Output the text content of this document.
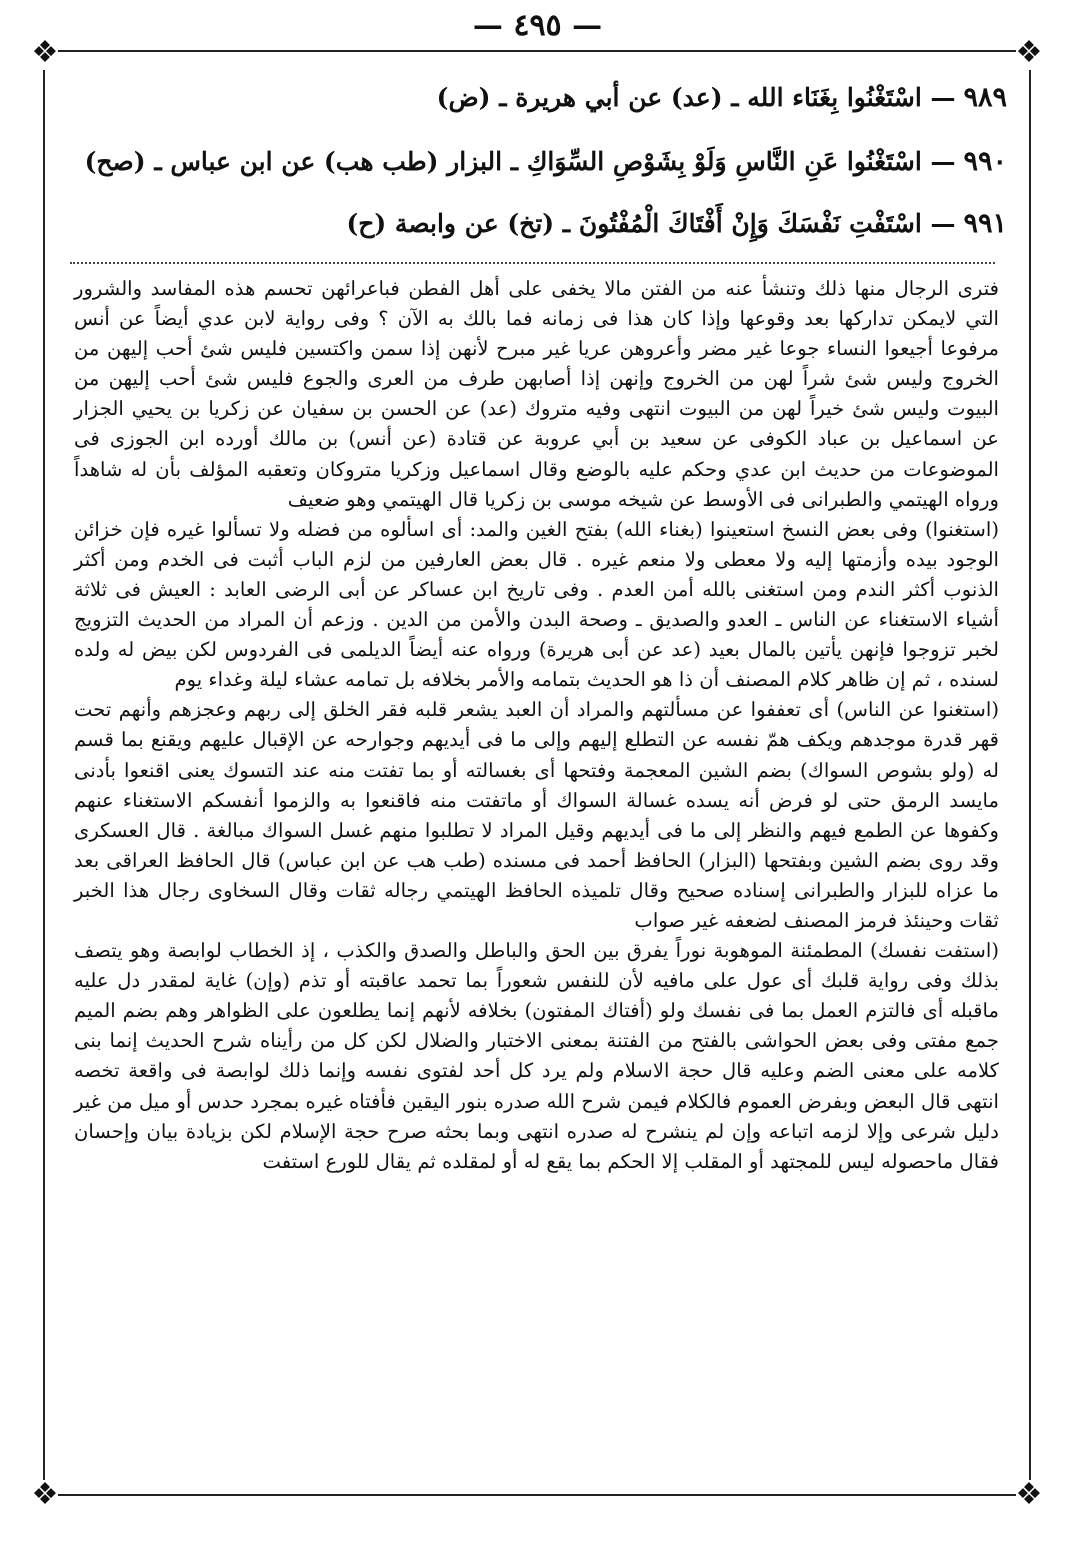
— ٤٩٥ —
❖	❖
❖	❖
٩٨٩— اسْتَغْنُوا بِغَنَاء الله ـ (عد) عن أبي هريرة ـ (ض)
٩٩٠— اسْتَغْنُوا عَنِ النَّاسِ وَلَوْ بِشَوْصِ السِّوَاكِ ـ البزار (طب هب) عن ابن عباس ـ (صح)
٩٩١— اسْتَفْتِ نَفْسَكَ وَإِنْ أَفْتَاكَ الْمُفْتُونَ ـ (تخ) عن وابصة (ح)

فترى الرجال منها ذلك وتنشأ عنه من الفتن مالا يخفى على أهل الفطن فباعرائهن تحسم هذه المفاسد والشرور التي لايمكن تداركها بعد وقوعها وإذا كان هذا فى زمانه فما بالك به الآن ؟ وفى رواية لابن عدي أيضاً عن أنس مرفوعا أجيعوا النساء جوعا غير مضر وأعروهن عريا غير مبرح لأنهن إذا سمن واكتسين فليس شئ أحب إليهن من الخروج وليس شئ شراً لهن من الخروج وإنهن إذا أصابهن طرف من العرى والجوع فليس شئ أحب إليهن من البيوت وليس شئ خيراً لهن من البيوت انتهى وفيه متروك (عد) عن الحسن بن سفيان عن زكريا بن يحيي الجزار عن اسماعيل بن عباد الكوفى عن سعيد بن أبي عروبة عن قتادة (عن أنس) بن مالك أورده ابن الجوزى فى الموضوعات من حديث ابن عدي وحكم عليه بالوضع وقال اسماعيل وزكريا متروكان وتعقبه المؤلف بأن له شاهداً ورواه الهيتمي والطبرانى فى الأوسط عن شيخه موسى بن زكريا قال الهيتمي وهو ضعيف

(استغنوا) وفى بعض النسخ استعينوا (بغناء الله) بفتح الغين والمد: أى اسألوه من فضله ولا تسألوا غيره فإن خزائن الوجود بيده وأزمتها إليه ولا معطى ولا منعم غيره . قال بعض العارفين من لزم الباب أثبت فى الخدم ومن أكثر الذنوب أكثر الندم ومن استغنى بالله أمن العدم . وفى تاريخ ابن عساكر عن أبى الرضى العابد : العيش فى ثلاثة أشياء الاستغناء عن الناس ـ العدو والصديق ـ وصحة البدن والأمن من الدين . وزعم أن المراد من الحديث التزويج لخبر تزوجوا فإنهن يأتين بالمال بعيد (عد عن أبى هريرة) ورواه عنه أيضاً الديلمى فى الفردوس لكن بيض له ولده لسنده ، ثم إن ظاهر كلام المصنف أن ذا هو الحديث بتمامه والأمر بخلافه بل تمامه عشاء ليلة وغداء يوم

(استغنوا عن الناس) أى تعففوا عن مسألتهم والمراد أن العبد يشعر قلبه فقر الخلق إلى ربهم وعجزهم وأنهم تحت قهر قدرة موجدهم ويكف همّ نفسه عن التطلع إليهم وإلى ما فى أيديهم وجوارحه عن الإقبال عليهم ويقنع بما قسم له (ولو بشوص السواك) بضم الشين المعجمة وفتحها أى بغسالته أو بما تفتت منه عند التسوك يعنى اقنعوا بأدنى مايسد الرمق حتى لو فرض أنه يسده غسالة السواك أو ماتفتت منه فاقنعوا به والزموا أنفسكم الاستغناء عنهم وكفوها عن الطمع فيهم والنظر إلى ما فى أيديهم وقيل المراد لا تطلبوا منهم غسل السواك مبالغة . قال العسكرى وقد روى بضم الشين وبفتحها (البزار) الحافظ أحمد فى مسنده (طب هب عن ابن عباس) قال الحافظ العراقى بعد ما عزاه للبزار والطبرانى إسناده صحيح وقال تلميذه الحافظ الهيتمي رجاله ثقات وقال السخاوى رجال هذا الخبر ثقات وحينئذ فرمز المصنف لضعفه غير صواب

(استفت نفسك) المطمئنة الموهوبة نوراً يفرق بين الحق والباطل والصدق والكذب ، إذ الخطاب لوابصة وهو يتصف بذلك وفى رواية قلبك أى عول على مافيه لأن للنفس شعوراً بما تحمد عاقبته أو تذم (وإن) غاية لمقدر دل عليه ماقبله أى فالتزم العمل بما فى نفسك ولو (أفتاك المفتون) بخلافه لأنهم إنما يطلعون على الظواهر وهم بضم الميم جمع مفتى وفى بعض الحواشى بالفتح من الفتنة بمعنى الاختبار والضلال لكن كل من رأيناه شرح الحديث إنما بنى كلامه على معنى الضم وعليه قال حجة الاسلام ولم يرد كل أحد لفتوى نفسه وإنما ذلك لوابصة فى واقعة تخصه انتهى قال البعض وبفرض العموم فالكلام فيمن شرح الله صدره بنور اليقين فأفتاه غيره بمجرد حدس أو ميل من غير دليل شرعى وإلا لزمه اتباعه وإن لم ينشرح له صدره انتهى وبما بحثه صرح حجة الإسلام لكن بزيادة بيان وإحسان فقال ماحصوله ليس للمجتهد أو المقلب إلا الحكم بما يقع له أو لمقلده ثم يقال للورع استفت
